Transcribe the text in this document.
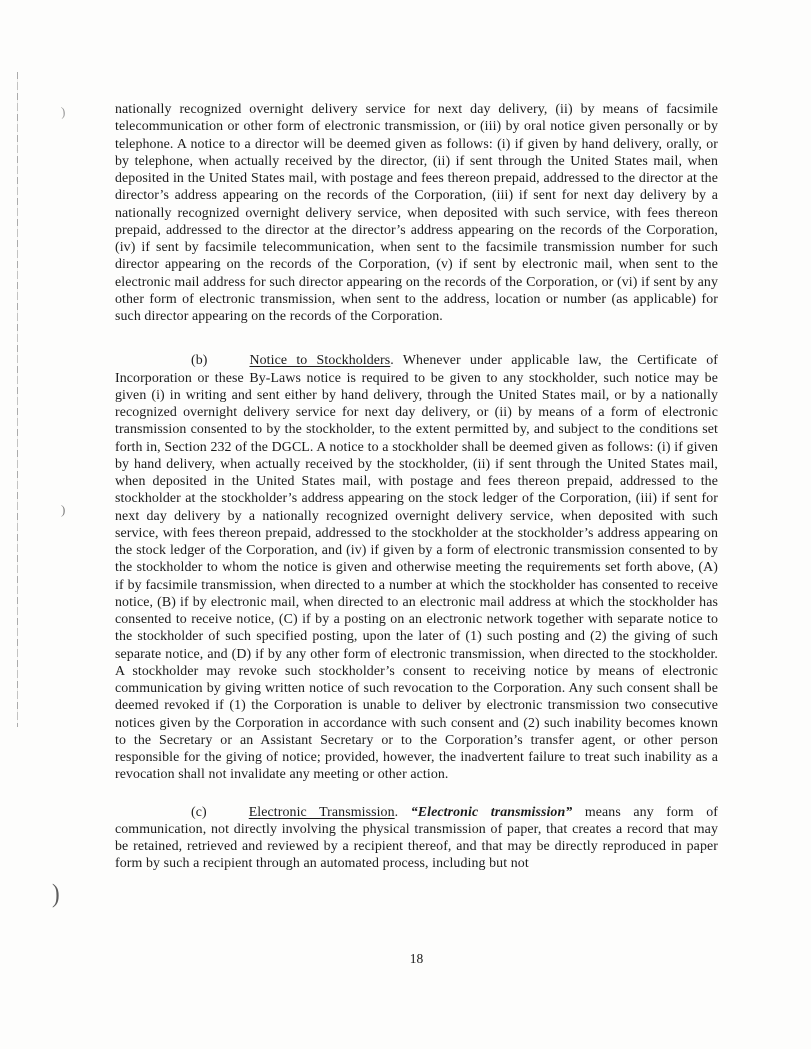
)
)
)

nationally recognized overnight delivery service for next day delivery, (ii) by means of facsimile telecommunication or other form of electronic transmission, or (iii) by oral notice given personally or by telephone. A notice to a director will be deemed given as follows: (i) if given by hand delivery, orally, or by telephone, when actually received by the director, (ii) if sent through the United States mail, when deposited in the United States mail, with postage and fees thereon prepaid, addressed to the director at the director’s address appearing on the records of the Corporation, (iii) if sent for next day delivery by a nationally recognized overnight delivery service, when deposited with such service, with fees thereon prepaid, addressed to the director at the director’s address appearing on the records of the Corporation, (iv) if sent by facsimile telecommunication, when sent to the facsimile transmission number for such director appearing on the records of the Corporation, (v) if sent by electronic mail, when sent to the electronic mail address for such director appearing on the records of the Corporation, or (vi) if sent by any other form of electronic transmission, when sent to the address, location or number (as applicable) for such director appearing on the records of the Corporation.

(b)	Notice to Stockholders. Whenever under applicable law, the Certificate of Incorporation or these By-Laws notice is required to be given to any stockholder, such notice may be given (i) in writing and sent either by hand delivery, through the United States mail, or by a nationally recognized overnight delivery service for next day delivery, or (ii) by means of a form of electronic transmission consented to by the stockholder, to the extent permitted by, and subject to the conditions set forth in, Section 232 of the DGCL. A notice to a stockholder shall be deemed given as follows: (i) if given by hand delivery, when actually received by the stockholder, (ii) if sent through the United States mail, when deposited in the United States mail, with postage and fees thereon prepaid, addressed to the stockholder at the stockholder’s address appearing on the stock ledger of the Corporation, (iii) if sent for next day delivery by a nationally recognized overnight delivery service, when deposited with such service, with fees thereon prepaid, addressed to the stockholder at the stockholder’s address appearing on the stock ledger of the Corporation, and (iv) if given by a form of electronic transmission consented to by the stockholder to whom the notice is given and otherwise meeting the requirements set forth above, (A) if by facsimile transmission, when directed to a number at which the stockholder has consented to receive notice, (B) if by electronic mail, when directed to an electronic mail address at which the stockholder has consented to receive notice, (C) if by a posting on an electronic network together with separate notice to the stockholder of such specified posting, upon the later of (1) such posting and (2) the giving of such separate notice, and (D) if by any other form of electronic transmission, when directed to the stockholder. A stockholder may revoke such stockholder’s consent to receiving notice by means of electronic communication by giving written notice of such revocation to the Corporation. Any such consent shall be deemed revoked if (1) the Corporation is unable to deliver by electronic transmission two consecutive notices given by the Corporation in accordance with such consent and (2) such inability becomes known to the Secretary or an Assistant Secretary or to the Corporation’s transfer agent, or other person responsible for the giving of notice; provided, however, the inadvertent failure to treat such inability as a revocation shall not invalidate any meeting or other action.

(c)	Electronic Transmission. “Electronic transmission” means any form of communication, not directly involving the physical transmission of paper, that creates a record that may be retained, retrieved and reviewed by a recipient thereof, and that may be directly reproduced in paper form by such a recipient through an automated process, including but not

18
